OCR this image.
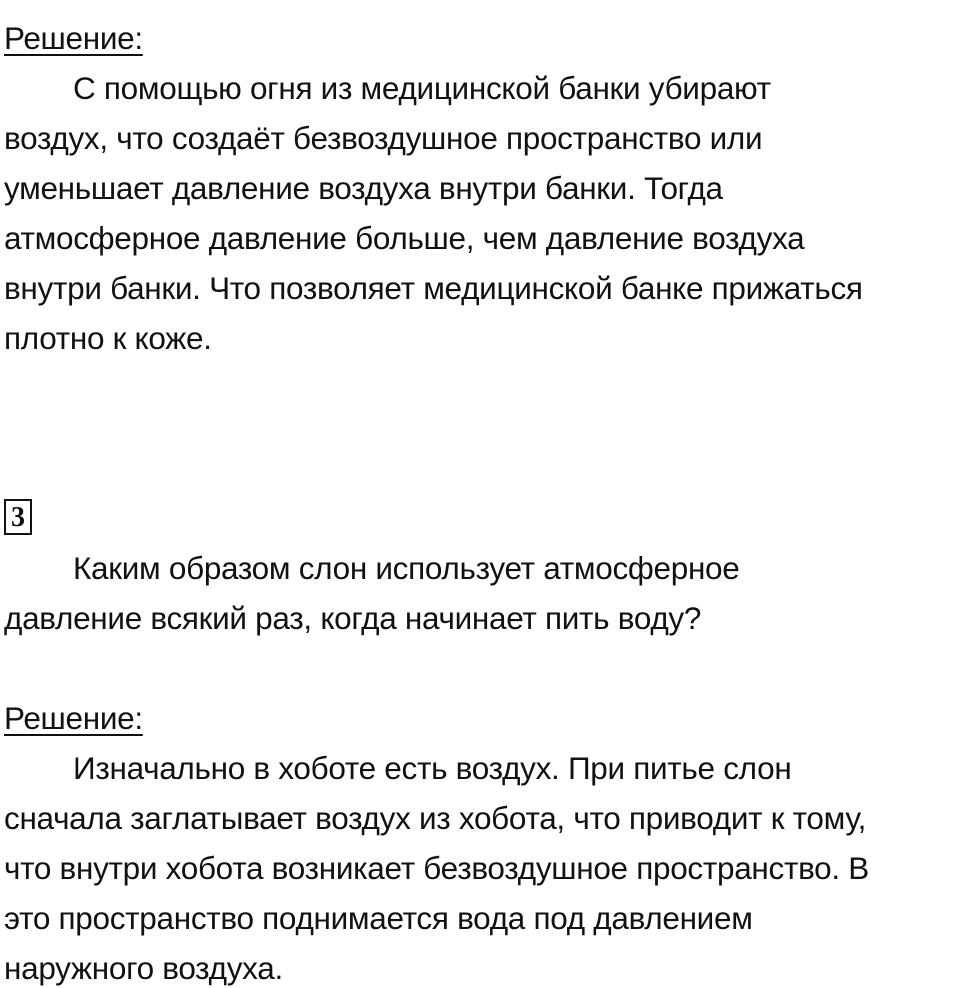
Решение:
С помощью огня из медицинской банки убирают
воздух, что создаёт безвоздушное пространство или
уменьшает давление воздуха внутри банки. Тогда
атмосферное давление больше, чем давление воздуха
внутри банки. Что позволяет медицинской банке прижаться
плотно к коже.
3
Каким образом слон использует атмосферное
давление всякий раз, когда начинает пить воду?
Решение:
Изначально в хоботе есть воздух. При питье слон
сначала заглатывает воздух из хобота, что приводит к тому,
что внутри хобота возникает безвоздушное пространство. В
это пространство поднимается вода под давлением
наружного воздуха.
